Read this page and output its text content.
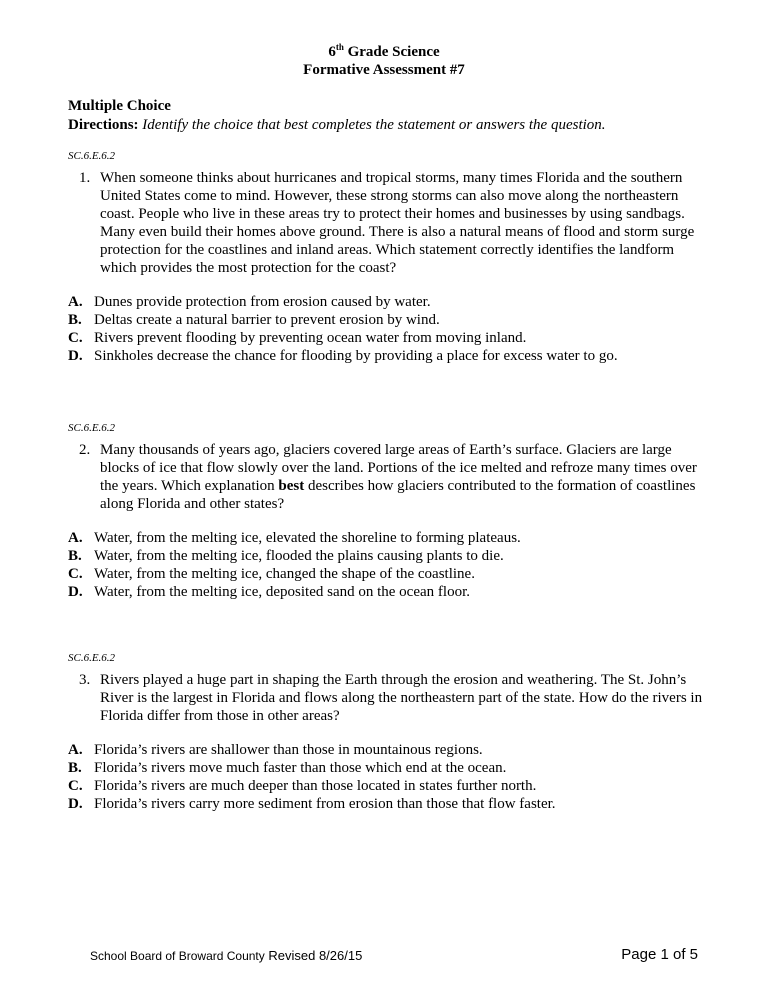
6th Grade Science
Formative Assessment #7
Multiple Choice
Directions: Identify the choice that best completes the statement or answers the question.
SC.6.E.6.2
1. When someone thinks about hurricanes and tropical storms, many times Florida and the southern United States come to mind. However, these strong storms can also move along the northeastern coast. People who live in these areas try to protect their homes and businesses by using sandbags. Many even build their homes above ground. There is also a natural means of flood and storm surge protection for the coastlines and inland areas. Which statement correctly identifies the landform which provides the most protection for the coast?
A. Dunes provide protection from erosion caused by water.
B. Deltas create a natural barrier to prevent erosion by wind.
C. Rivers prevent flooding by preventing ocean water from moving inland.
D. Sinkholes decrease the chance for flooding by providing a place for excess water to go.
SC.6.E.6.2
2. Many thousands of years ago, glaciers covered large areas of Earth’s surface. Glaciers are large blocks of ice that flow slowly over the land. Portions of the ice melted and refroze many times over the years. Which explanation best describes how glaciers contributed to the formation of coastlines along Florida and other states?
A. Water, from the melting ice, elevated the shoreline to forming plateaus.
B. Water, from the melting ice, flooded the plains causing plants to die.
C. Water, from the melting ice, changed the shape of the coastline.
D. Water, from the melting ice, deposited sand on the ocean floor.
SC.6.E.6.2
3. Rivers played a huge part in shaping the Earth through the erosion and weathering. The St. John’s River is the largest in Florida and flows along the northeastern part of the state. How do the rivers in Florida differ from those in other areas?
A. Florida’s rivers are shallower than those in mountainous regions.
B. Florida’s rivers move much faster than those which end at the ocean.
C. Florida’s rivers are much deeper than those located in states further north.
D. Florida’s rivers carry more sediment from erosion than those that flow faster.
School Board of Broward County Revised 8/26/15	Page 1 of 5
